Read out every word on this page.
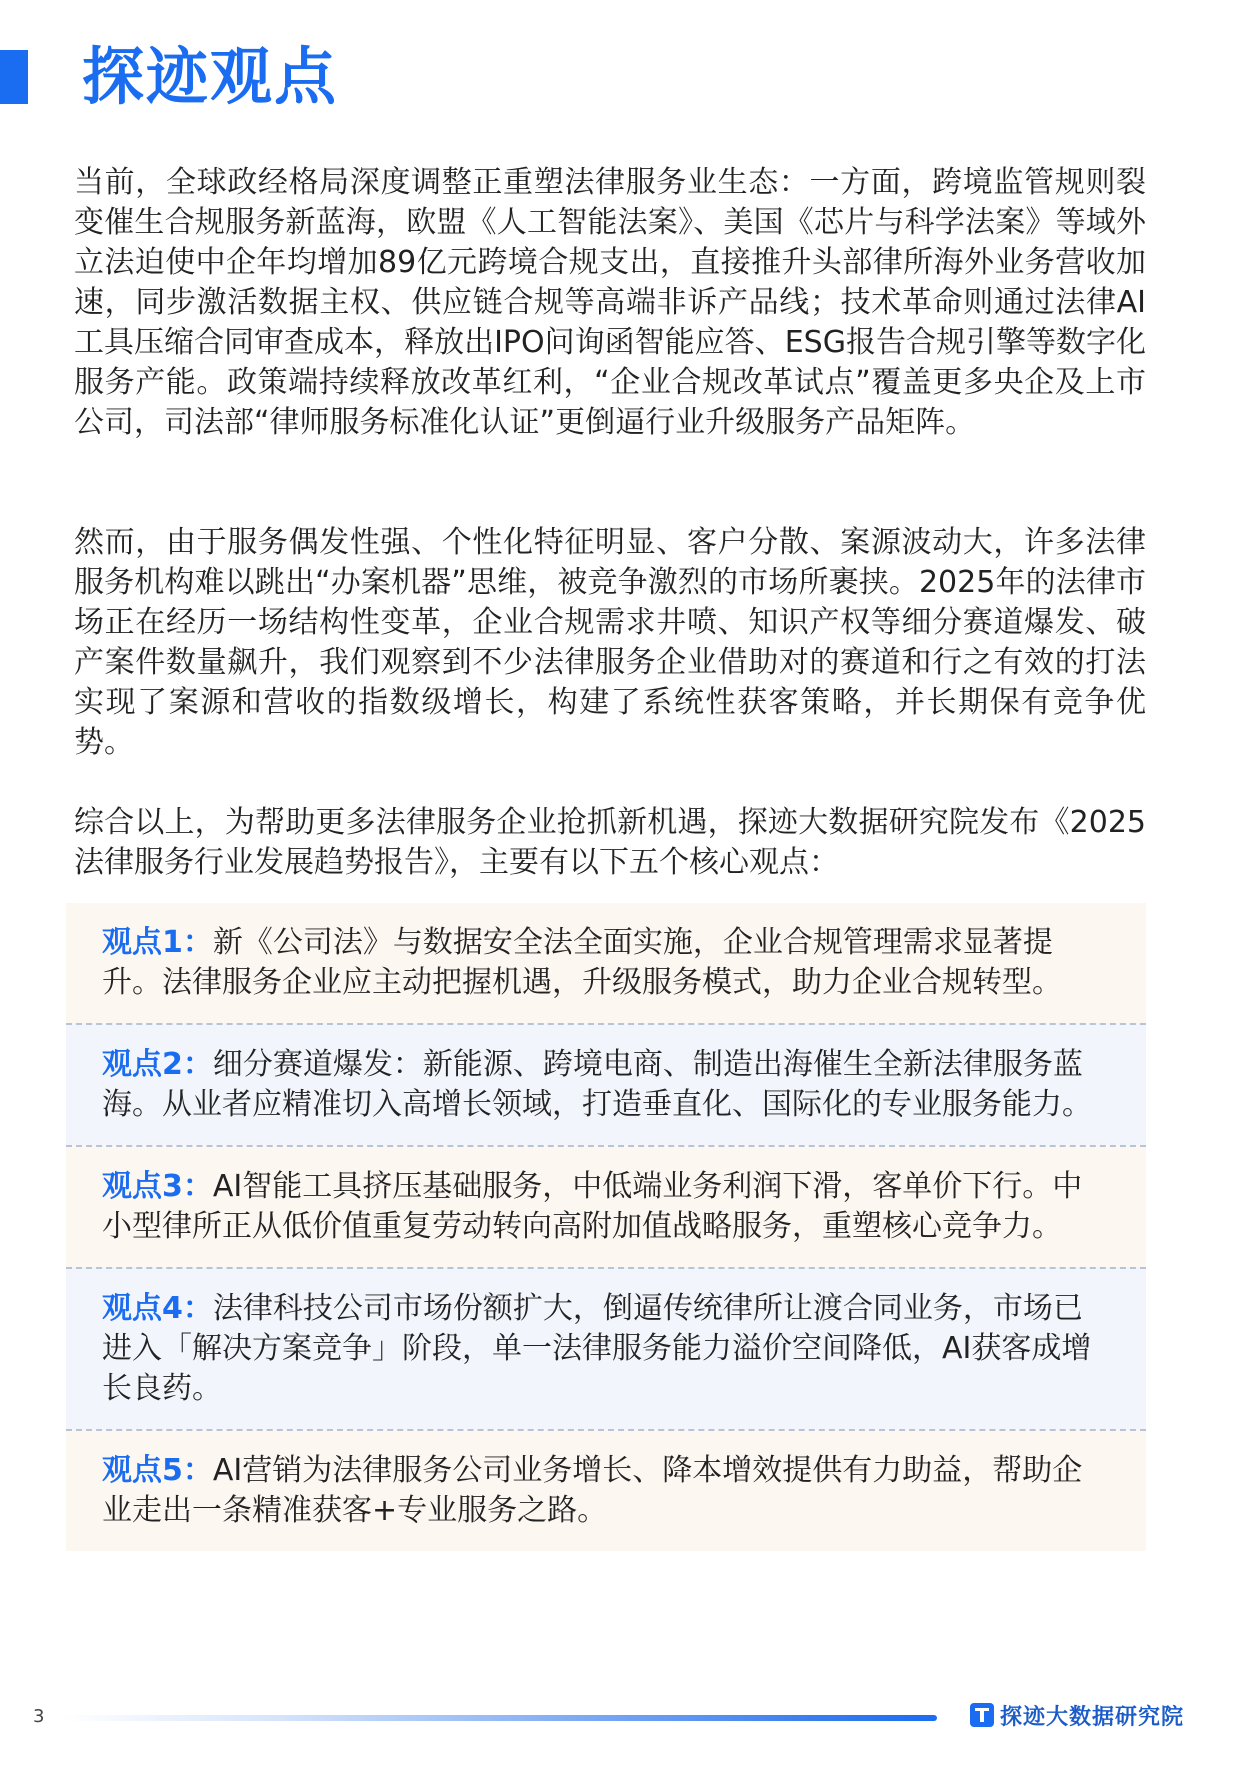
探迹观点

当前，全球政经格局深度调整正重塑法律服务业生态：一方面，跨境监管规则裂变催生合规服务新蓝海，欧盟《人工智能法案》、美国《芯片与科学法案》等域外立法迫使中企年均增加89亿元跨境合规支出，直接推升头部律所海外业务营收加速，同步激活数据主权、供应链合规等高端非诉产品线；技术革命则通过法律AI工具压缩合同审查成本，释放出IPO问询函智能应答、ESG报告合规引擎等数字化服务产能。政策端持续释放改革红利，“企业合规改革试点”覆盖更多央企及上市公司，司法部“律师服务标准化认证”更倒逼行业升级服务产品矩阵。

然而，由于服务偶发性强、个性化特征明显、客户分散、案源波动大，许多法律服务机构难以跳出“办案机器”思维，被竞争激烈的市场所裹挟。2025年的法律市场正在经历一场结构性变革，企业合规需求井喷、知识产权等细分赛道爆发、破产案件数量飙升，我们观察到不少法律服务企业借助对的赛道和行之有效的打法实现了案源和营收的指数级增长，构建了系统性获客策略，并长期保有竞争优势。

综合以上，为帮助更多法律服务企业抢抓新机遇，探迹大数据研究院发布《2025法律服务行业发展趋势报告》，主要有以下五个核心观点：

观点1：新《公司法》与数据安全法全面实施，企业合规管理需求显著提升。法律服务企业应主动把握机遇，升级服务模式，助力企业合规转型。
观点2：细分赛道爆发：新能源、跨境电商、制造出海催生全新法律服务蓝海。从业者应精准切入高增长领域，打造垂直化、国际化的专业服务能力。
观点3：AI智能工具挤压基础服务，中低端业务利润下滑，客单价下行。中小型律所正从低价值重复劳动转向高附加值战略服务，重塑核心竞争力。
观点4：法律科技公司市场份额扩大，倒逼传统律所让渡合同业务，市场已进入「解决方案竞争」阶段，单一法律服务能力溢价空间降低，AI获客成增长良药。
观点5：AI营销为法律服务公司业务增长、降本增效提供有力助益，帮助企业走出一条精准获客+专业服务之路。
3	探迹大数据研究院
